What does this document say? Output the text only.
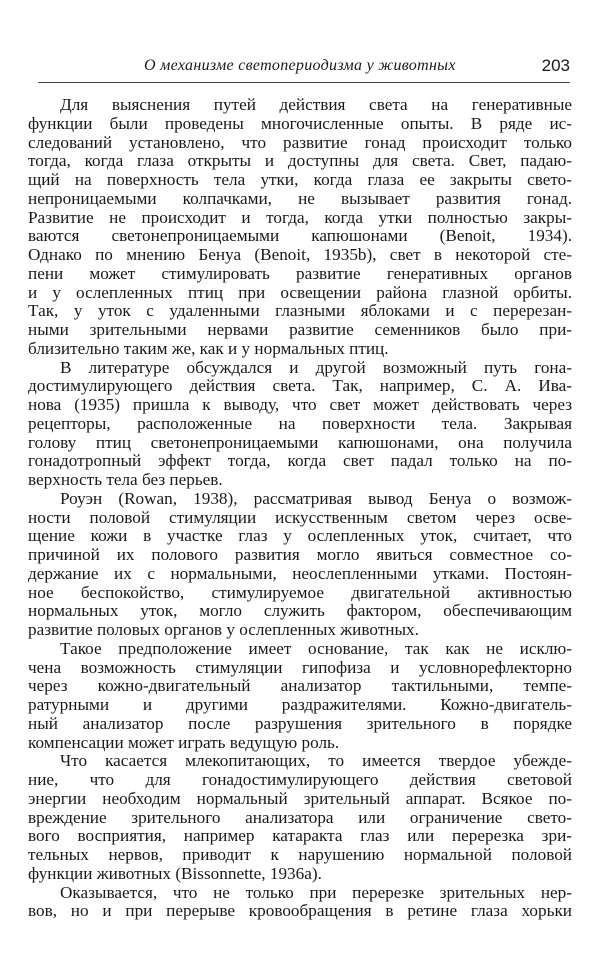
О механизме светопериодизма у животных	203
Для выяснения путей действия света на генеративные
функции были проведены многочисленные опыты. В ряде ис-
следований установлено, что развитие гонад происходит только
тогда, когда глаза открыты и доступны для света. Свет, падаю-
щий на поверхность тела утки, когда глаза ее закрыты свето-
непроницаемыми колпачками, не вызывает развития гонад.
Развитие не происходит и тогда, когда утки полностью закры-
ваются светонепроницаемыми капюшонами (Benoit, 1934).
Однако по мнению Бенуа (Benoit, 1935b), свет в некоторой сте-
пени может стимулировать развитие генеративных органов
и у ослепленных птиц при освещении района глазной орбиты.
Так, у уток с удаленными глазными яблоками и с перерезан-
ными зрительными нервами развитие семенников было при-
близительно таким же, как и у нормальных птиц.
В литературе обсуждался и другой возможный путь гона-
достимулирующего действия света. Так, например, С. А. Ива-
нова (1935) пришла к выводу, что свет может действовать через
рецепторы, расположенные на поверхности тела. Закрывая
голову птиц светонепроницаемыми капюшонами, она получила
гонадотропный эффект тогда, когда свет падал только на по-
верхность тела без перьев.
Роуэн (Rowan, 1938), рассматривая вывод Бенуа о возмож-
ности половой стимуляции искусственным светом через осве-
щение кожи в участке глаз у ослепленных уток, считает, что
причиной их полового развития могло явиться совместное со-
держание их с нормальными, неослепленными утками. Постоян-
ное беспокойство, стимулируемое двигательной активностью
нормальных уток, могло служить фактором, обеспечивающим
развитие половых органов у ослепленных животных.
Такое предположение имеет основание, так как не исклю-
чена возможность стимуляции гипофиза и условнорефлекторно
через кожно-двигательный анализатор тактильными, темпе-
ратурными и другими раздражителями. Кожно-двигатель-
ный анализатор после разрушения зрительного в порядке
компенсации может играть ведущую роль.
Что касается млекопитающих, то имеется твердое убежде-
ние, что для гонадостимулирующего действия световой
энергии необходим нормальный зрительный аппарат. Всякое по-
вреждение зрительного анализатора или ограничение свето-
вого восприятия, например катаракта глаз или перерезка зри-
тельных нервов, приводит к нарушению нормальной половой
функции животных (Bissonnette, 1936a).
Оказывается, что не только при перерезке зрительных нер-
вов, но и при перерыве кровообращения в ретине глаза хорьки
